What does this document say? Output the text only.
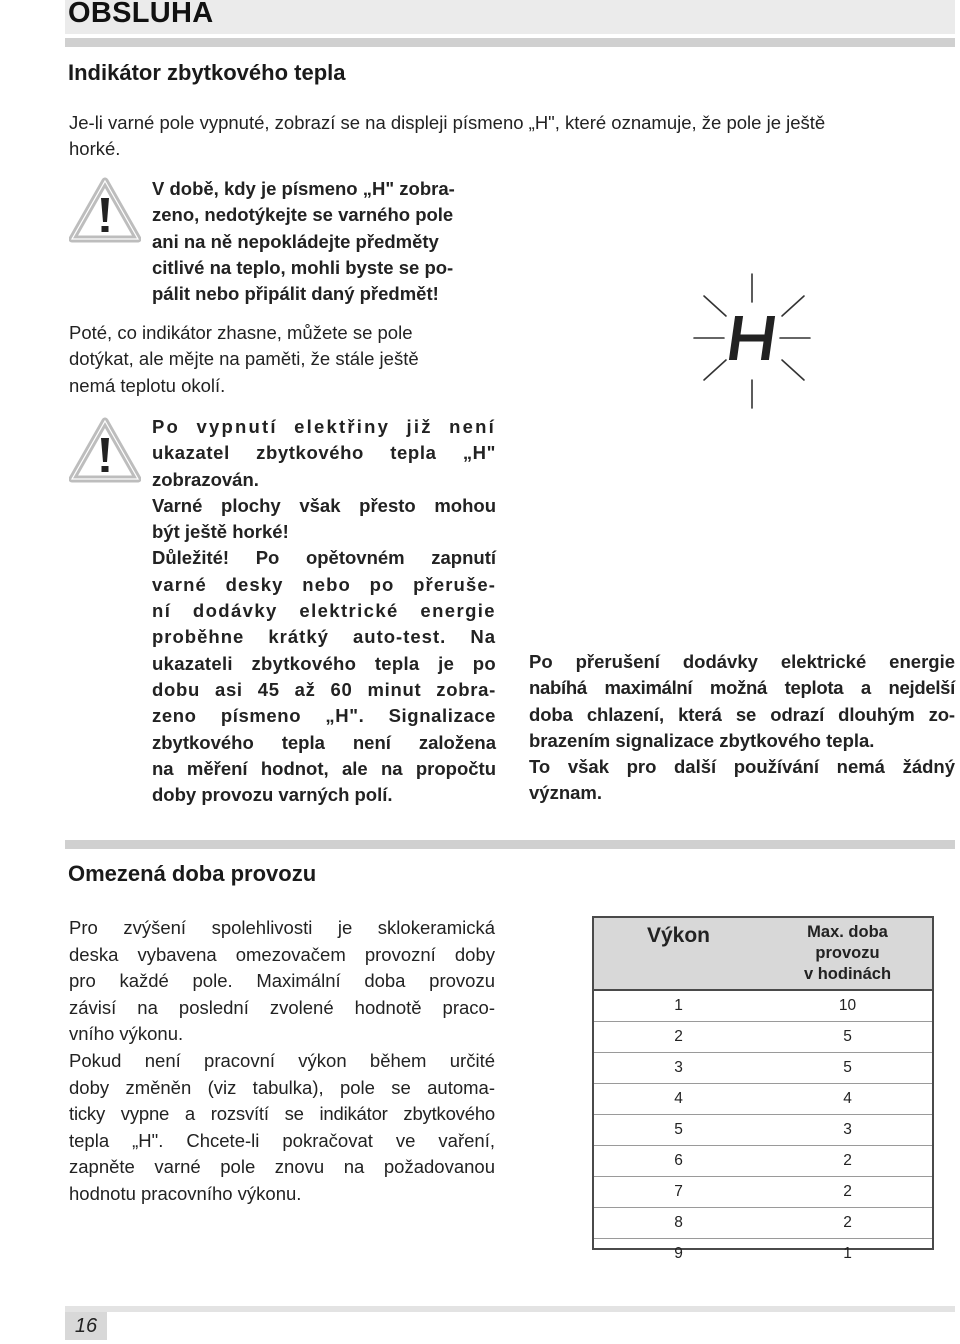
OBSLUHA
Indikátor zbytkového tepla
Je-li varné pole vypnuté, zobrazí se na displeji písmeno „H", které oznamuje, že pole je ještě
horké.
V době, kdy je písmeno „H" zobra-
zeno, nedotýkejte se varného pole
ani na ně nepokládejte předměty
citlivé na teplo, mohli byste se po-
pálit nebo připálit daný předmět!
Poté, co indikátor zhasne, můžete se pole
dotýkat, ale mějte na paměti, že stále ještě
nemá teplotu okolí.
Po vypnutí elektřiny již není
ukazatel zbytkového tepla „H"
zobrazován.
Varné plochy však přesto mohou
být ještě horké!
Důležité! Po opětovném zapnutí
varné desky nebo po přeruše-
ní dodávky elektrické energie
proběhne krátký auto-test. Na
ukazateli zbytkového tepla je po
dobu asi 45 až 60 minut zobra-
zeno písmeno „H". Signalizace
zbytkového tepla není založena
na měření hodnot, ale na propočtu
doby provozu varných polí.
Po přerušení dodávky elektrické energie
nabíhá maximální možná teplota a nejdelší
doba chlazení, která se odrazí dlouhým zo-
brazením signalizace zbytkového tepla.
To však pro další používání nemá žádný
význam.
Omezená doba provozu
Pro zvýšení spolehlivosti je sklokeramická
deska vybavena omezovačem provozní doby
pro každé pole. Maximální doba provozu
závisí na poslední zvolené hodnotě praco-
vního výkonu.
Pokud není pracovní výkon během určité
doby změněn (viz tabulka), pole se automa-
ticky vypne a rozsvítí se indikátor zbytkového
tepla „H". Chcete-li pokračovat ve vaření,
zapněte varné pole znovu na požadovanou
hodnotu pracovního výkonu.
Výkon	Max. doba
provozu
v hodinách

1	10
2	5
3	5
4	4
5	3
6	2
7	2
8	2
9	1
16
